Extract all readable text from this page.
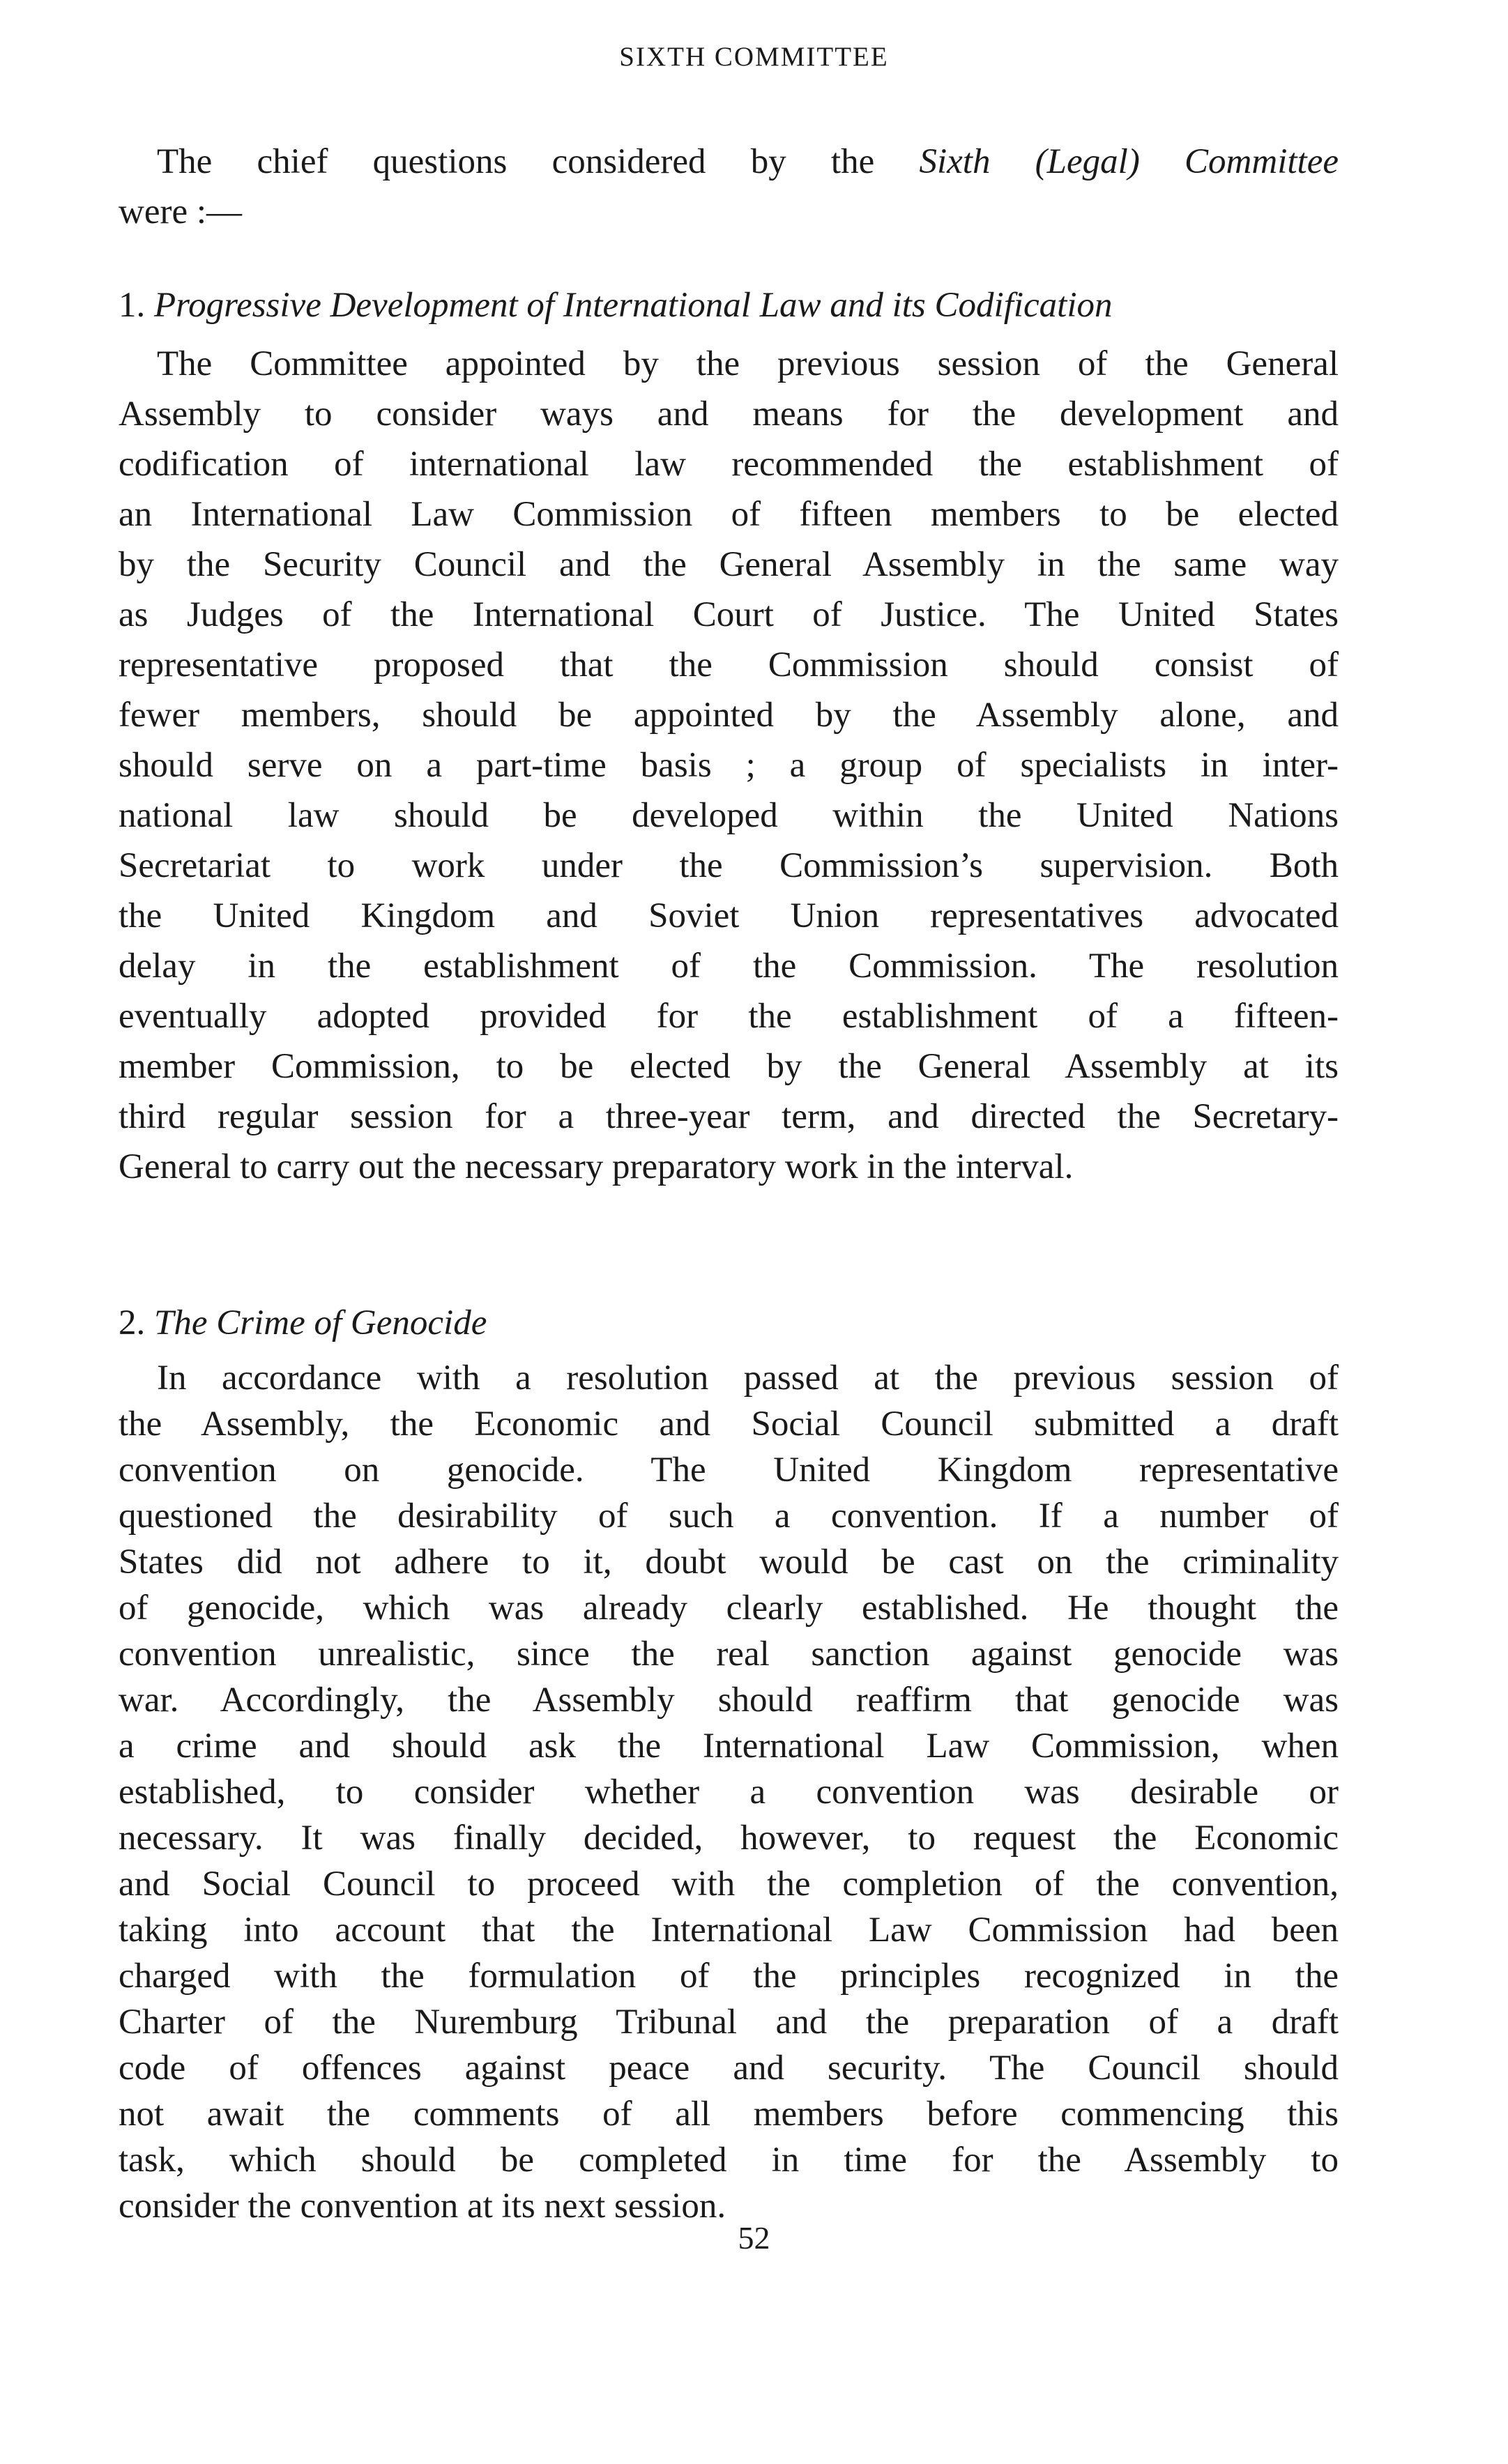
SIXTH COMMITTEE
The chief questions considered by the Sixth (Legal) Committee
were :—
1. Progressive Development of International Law and its Codification
The Committee appointed by the previous session of the General
Assembly to consider ways and means for the development and
codification of international law recommended the establishment of
an International Law Commission of fifteen members to be elected
by the Security Council and the General Assembly in the same way
as Judges of the International Court of Justice. The United States
representative proposed that the Commission should consist of
fewer members, should be appointed by the Assembly alone, and
should serve on a part-time basis ; a group of specialists in inter-
national law should be developed within the United Nations
Secretariat to work under the Commission’s supervision. Both
the United Kingdom and Soviet Union representatives advocated
delay in the establishment of the Commission. The resolution
eventually adopted provided for the establishment of a fifteen-
member Commission, to be elected by the General Assembly at its
third regular session for a three-year term, and directed the Secretary-
General to carry out the necessary preparatory work in the interval.
2. The Crime of Genocide
In accordance with a resolution passed at the previous session of
the Assembly, the Economic and Social Council submitted a draft
convention on genocide. The United Kingdom representative
questioned the desirability of such a convention. If a number of
States did not adhere to it, doubt would be cast on the criminality
of genocide, which was already clearly established. He thought the
convention unrealistic, since the real sanction against genocide was
war. Accordingly, the Assembly should reaffirm that genocide was
a crime and should ask the International Law Commission, when
established, to consider whether a convention was desirable or
necessary. It was finally decided, however, to request the Economic
and Social Council to proceed with the completion of the convention,
taking into account that the International Law Commission had been
charged with the formulation of the principles recognized in the
Charter of the Nuremburg Tribunal and the preparation of a draft
code of offences against peace and security. The Council should
not await the comments of all members before commencing this
task, which should be completed in time for the Assembly to
consider the convention at its next session.
52
